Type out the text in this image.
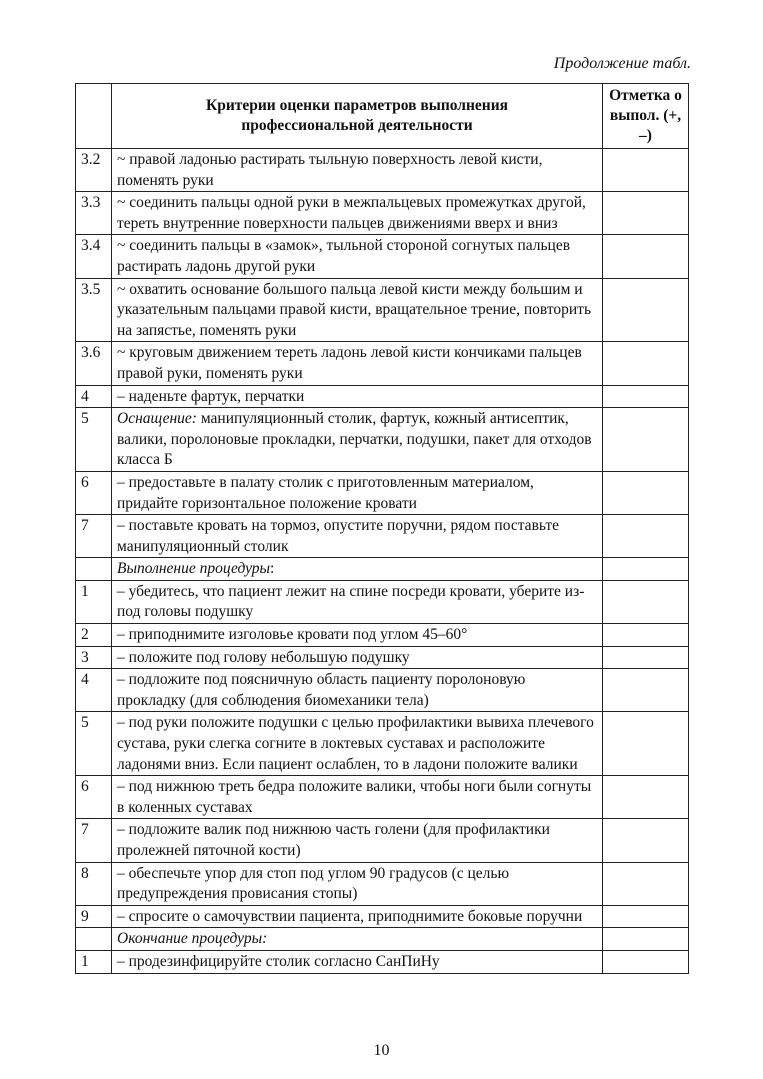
Продолжение табл.
	Критерии оценки параметров выполнения профессиональной деятельности	Отметка о выпол. (+, –)
3.2	~ правой ладонью растирать тыльную поверхность левой кисти, поменять руки	
3.3	~ соединить пальцы одной руки в межпальцевых промежутках другой, тереть внутренние поверхности пальцев движениями вверх и вниз	
3.4	~ соединить пальцы в «замок», тыльной стороной согнутых пальцев растирать ладонь другой руки	
3.5	~ охватить основание большого пальца левой кисти между большим и указательным пальцами правой кисти, вращательное трение, повторить на запястье, поменять руки	
3.6	~ круговым движением тереть ладонь левой кисти кончиками пальцев правой руки, поменять руки	
4	– наденьте фартук, перчатки	
5	Оснащение: манипуляционный столик, фартук, кожный антисептик, валики, поролоновые прокладки, перчатки, подушки, пакет для отходов класса Б	
6	– предоставьте в палату столик с приготовленным материалом, придайте горизонтальное положение кровати	
7	– поставьте кровать на тормоз, опустите поручни, рядом поставьте манипуляционный столик	
	Выполнение процедуры:	
1	– убедитесь, что пациент лежит на спине посреди кровати, уберите из-под головы подушку	
2	– приподнимите изголовье кровати под углом 45–60°	
3	– положите под голову небольшую подушку	
4	– подложите под поясничную область пациенту поролоновую прокладку (для соблюдения биомеханики тела)	
5	– под руки положите подушки с целью профилактики вывиха плечевого сустава, руки слегка согните в локтевых суставах и расположите ладонями вниз. Если пациент ослаблен, то в ладони положите валики	
6	– под нижнюю треть бедра положите валики, чтобы ноги были согнуты в коленных суставах	
7	– подложите валик под нижнюю часть голени (для профилактики пролежней пяточной кости)	
8	– обеспечьте упор для стоп под углом 90 градусов (с целью предупреждения провисания стопы)	
9	– спросите о самочувствии пациента, приподнимите боковые поручни	
	Окончание процедуры:	
1	– продезинфицируйте столик согласно СанПиНу	
10
